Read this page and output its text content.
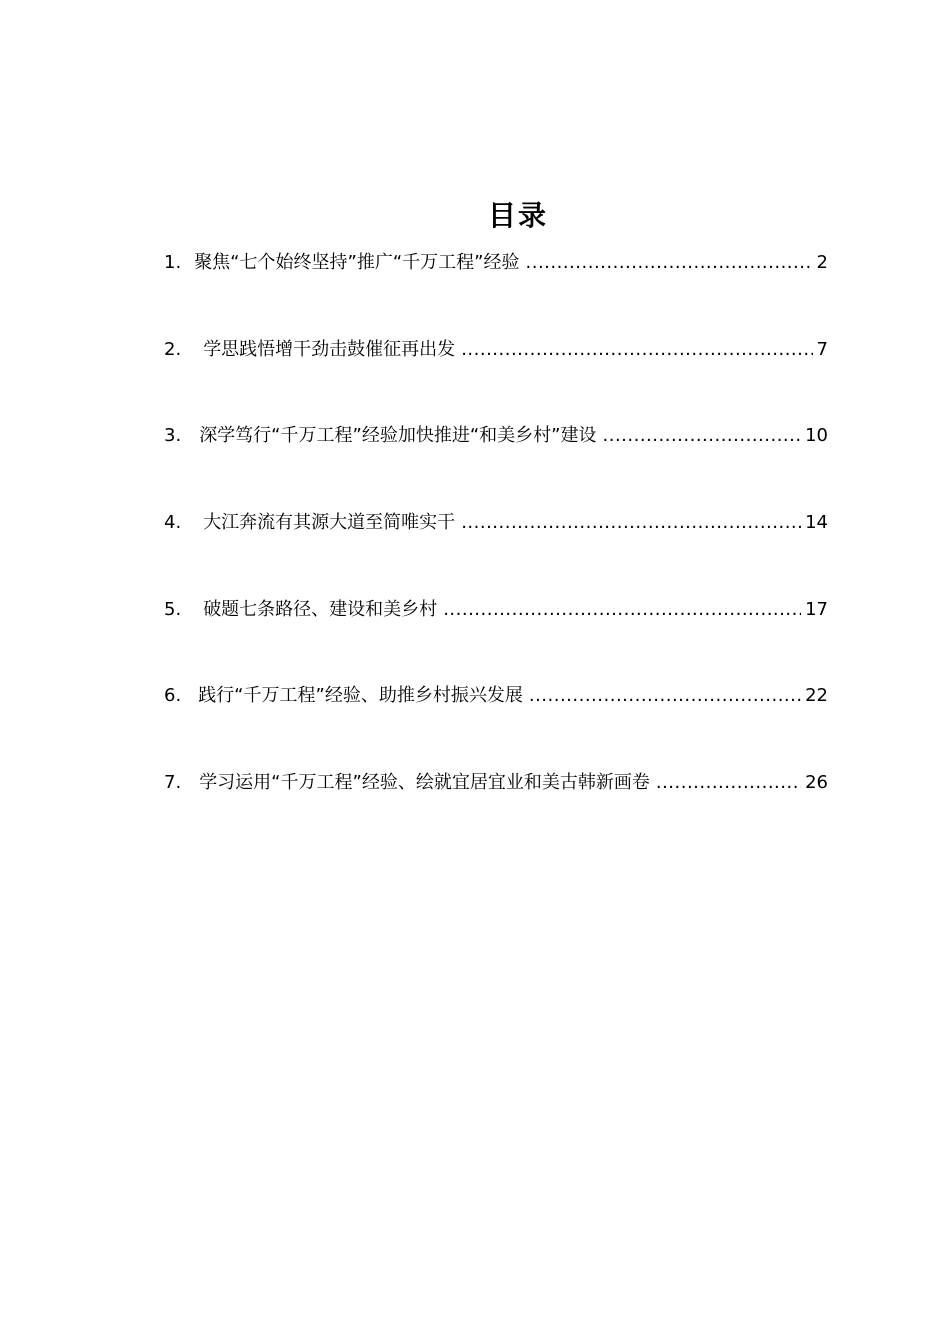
目录
1. 聚焦“七个始终坚持”推广“千万工程”经验 .....	2
2. 学思践悟增干劲击鼓催征再出发 .....	7
3. 深学笃行“千万工程”经验加快推进“和美乡村”建设 .....	10
4. 大江奔流有其源大道至简唯实干 .....	14
5. 破题七条路径、建设和美乡村 .....	17
6. 践行“千万工程”经验、助推乡村振兴发展 .....	22
7. 学习运用“千万工程”经验、绘就宜居宜业和美古韩新画卷 .....	26
